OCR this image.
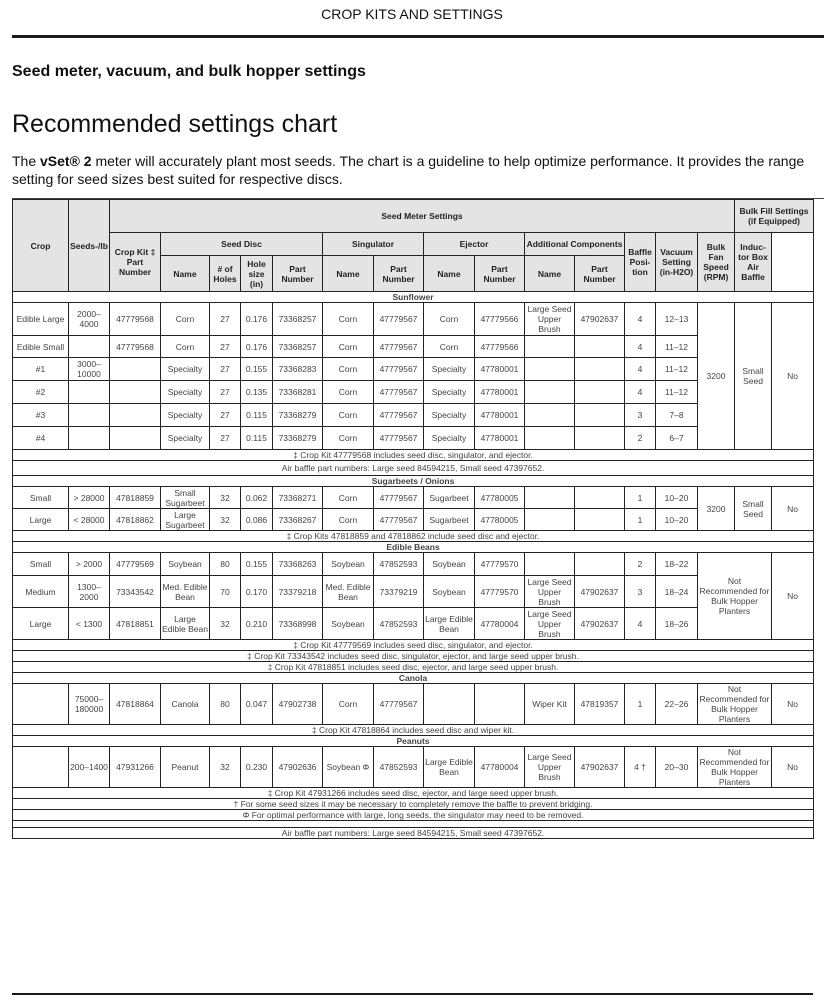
CROP KITS AND SETTINGS
Seed meter, vacuum, and bulk hopper settings
Recommended settings chart
The vSet® 2 meter will accurately plant most seeds. The chart is a guideline to help optimize performance. It provides the range setting for seed sizes best suited for respective discs.
Crop	Seeds-/lb	Seed Meter Settings														Bulk Fill Settings (if Equipped)	
		Crop Kit ‡ Part Number	Seed Disc				Singulator		Ejector		Additional Components		Baffle Posi-tion	Vacuum Setting (in-H2O)	Bulk Fan Speed (RPM)	Induc-tor Box Air Baffle		
			Name	# of Holes	Hole size (in)	Part Number	Name	Part Number	Name	Part Number	Name	Part Number						
Sunflower																		
Edible Large	2000–4000	47779568	Corn	27	0.176	73368257	Corn	47779567	Corn	47779566	Large Seed Upper Brush	47902637	4	12–13	3200	Small Seed	No	
Edible Small		47779568	Corn	27	0.176	73368257	Corn	47779567	Corn	47779566			4	11–12				
#1	3000–10000		Specialty	27	0.155	73368283	Corn	47779567	Specialty	47780001			4	11–12				
#2			Specialty	27	0.135	73368281	Corn	47779567	Specialty	47780001			4	11–12				
#3			Specialty	27	0.115	73368279	Corn	47779567	Specialty	47780001			3	7–8				
#4			Specialty	27	0.115	73368279	Corn	47779567	Specialty	47780001			2	6–7				
‡ Crop Kit 47779568 includes seed disc, singulator, and ejector.																		
Air baffle part numbers: Large seed 84594215, Small seed 47397652.																		
Sugarbeets / Onions																		
Small	> 28000	47818859	Small Sugarbeet	32	0.062	73368271	Corn	47779567	Sugarbeet	47780005			1	10–20	3200	Small Seed	No	
Large	< 28000	47818862	Large Sugarbeet	32	0.086	73368267	Corn	47779567	Sugarbeet	47780005			1	10–20				
‡ Crop Kits 47818859 and 47818862 include seed disc and ejector.																		
Edible Beans																		
Small	> 2000	47779569	Soybean	80	0.155	73368263	Soybean	47852593	Soybean	47779570			2	18–22	Not Recommended for Bulk Hopper Planters		No	
Medium	1300–2000	73343542	Med. Edible Bean	70	0.170	73379218	Med. Edible Bean	73379219	Soybean	47779570	Large Seed Upper Brush	47902637	3	18–24				
Large	< 1300	47818851	Large Edible Bean	32	0.210	73368998	Soybean	47852593	Large Edible Bean	47780004	Large Seed Upper Brush	47902637	4	18–26				
‡ Crop Kit 47779569 includes seed disc, singulator, and ejector.																		
‡ Crop Kit 73343542 includes seed disc, singulator, ejector, and large seed upper brush.																		
‡ Crop Kit 47818851 includes seed disc, ejector, and large seed upper brush.																		
Canola																		
	75000–180000	47818864	Canola	80	0.047	47902738	Corn	47779567			Wiper Kit	47819357	1	22–26	Not Recommended for Bulk Hopper Planters		No	
‡ Crop Kit 47818864 includes seed disc and wiper kit.																		
Peanuts																		
	200–1400	47931266	Peanut	32	0.230	47902636	Soybean Φ	47852593	Large Edible Bean	47780004	Large Seed Upper Brush	47902637	4 †	20–30	Not Recommended for Bulk Hopper Planters		No	
‡ Crop Kit 47931266 includes seed disc, ejector, and large seed upper brush.																		
† For some seed sizes it may be necessary to completely remove the baffle to prevent bridging.																		
Φ For optimal performance with large, long seeds, the singulator may need to be removed.																		

Air baffle part numbers: Large seed 84594215, Small seed 47397652.																		
